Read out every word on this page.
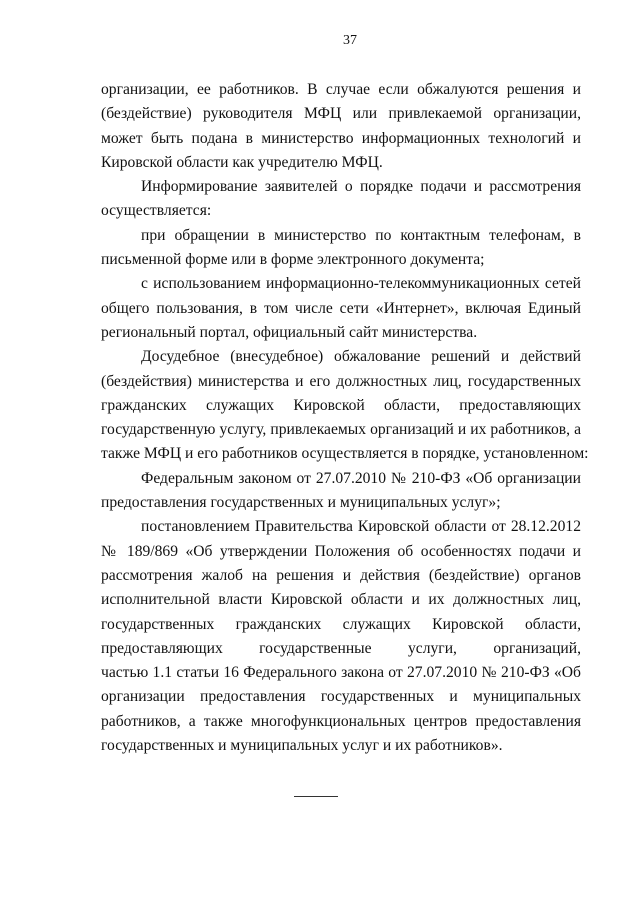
37
организации, ее работников. В случае если обжалуются решения и
(бездействие) руководителя МФЦ или привлекаемой организации,
может быть подана в министерство информационных технологий и
Кировской области как учредителю МФЦ.
Информирование заявителей о порядке подачи и рассмотрения
осуществляется:
при обращении в министерство по контактным телефонам, в
письменной форме или в форме электронного документа;
с использованием информационно-телекоммуникационных сетей
общего пользования, в том числе сети «Интернет», включая Единый
региональный портал, официальный сайт министерства.
Досудебное (внесудебное) обжалование решений и действий
(бездействия) министерства и его должностных лиц, государственных
гражданских служащих Кировской области, предоставляющих
государственную услугу, привлекаемых организаций и их работников, а
также МФЦ и его работников осуществляется в порядке, установленном:
Федеральным законом от 27.07.2010 № 210-ФЗ «Об организации
предоставления государственных и муниципальных услуг»;
постановлением Правительства Кировской области от 28.12.2012
№ 189/869 «Об утверждении Положения об особенностях подачи и
рассмотрения жалоб на решения и действия (бездействие) органов
исполнительной власти Кировской области и их должностных лиц,
государственных гражданских служащих Кировской области,
предоставляющих государственные услуги, организаций,
частью 1.1 статьи 16 Федерального закона от 27.07.2010 № 210-ФЗ «Об
организации предоставления государственных и муниципальных
работников, а также многофункциональных центров предоставления
государственных и муниципальных услуг и их работников».
